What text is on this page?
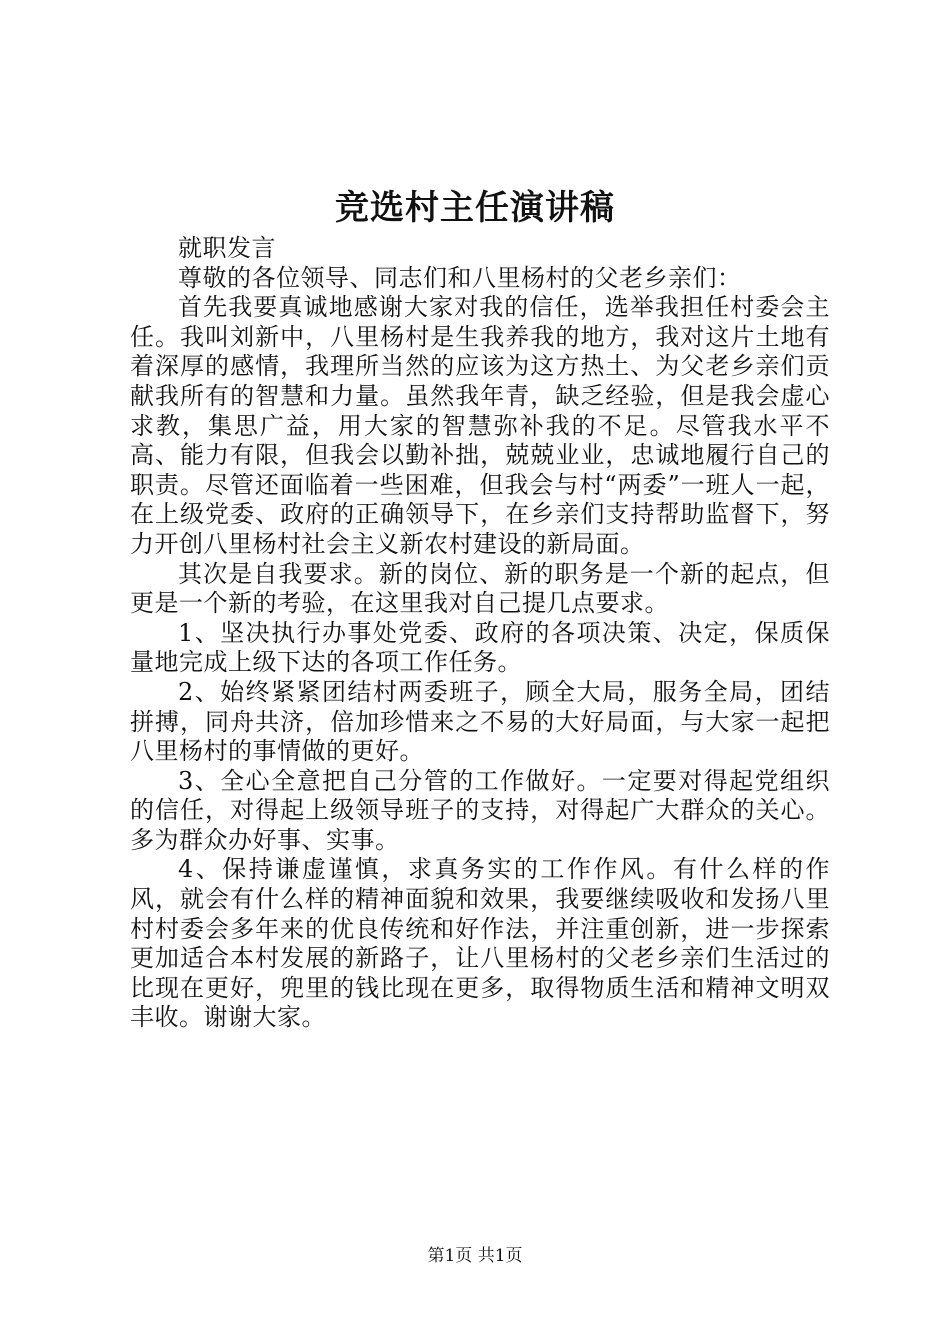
竞选村主任演讲稿

就职发言

尊敬的各位领导、同志们和八里杨村的父老乡亲们：

首先我要真诚地感谢大家对我的信任，选举我担任村委会主任。我叫刘新中，八里杨村是生我养我的地方，我对这片土地有着深厚的感情，我理所当然的应该为这方热土、为父老乡亲们贡献我所有的智慧和力量。虽然我年青，缺乏经验，但是我会虚心求教，集思广益，用大家的智慧弥补我的不足。尽管我水平不高、能力有限，但我会以勤补拙，兢兢业业，忠诚地履行自己的职责。尽管还面临着一些困难，但我会与村“两委”一班人一起，在上级党委、政府的正确领导下，在乡亲们支持帮助监督下，努力开创八里杨村社会主义新农村建设的新局面。

其次是自我要求。新的岗位、新的职务是一个新的起点，但更是一个新的考验，在这里我对自己提几点要求。

1、坚决执行办事处党委、政府的各项决策、决定，保质保量地完成上级下达的各项工作任务。

2、始终紧紧团结村两委班子，顾全大局，服务全局，团结拼搏，同舟共济，倍加珍惜来之不易的大好局面，与大家一起把八里杨村的事情做的更好。

3、全心全意把自己分管的工作做好。一定要对得起党组织的信任，对得起上级领导班子的支持，对得起广大群众的关心。多为群众办好事、实事。

4、保持谦虚谨慎，求真务实的工作作风。有什么样的作风，就会有什么样的精神面貌和效果，我要继续吸收和发扬八里村村委会多年来的优良传统和好作法，并注重创新，进一步探索更加适合本村发展的新路子，让八里杨村的父老乡亲们生活过的比现在更好，兜里的钱比现在更多，取得物质生活和精神文明双丰收。谢谢大家。

第1页 共1页
